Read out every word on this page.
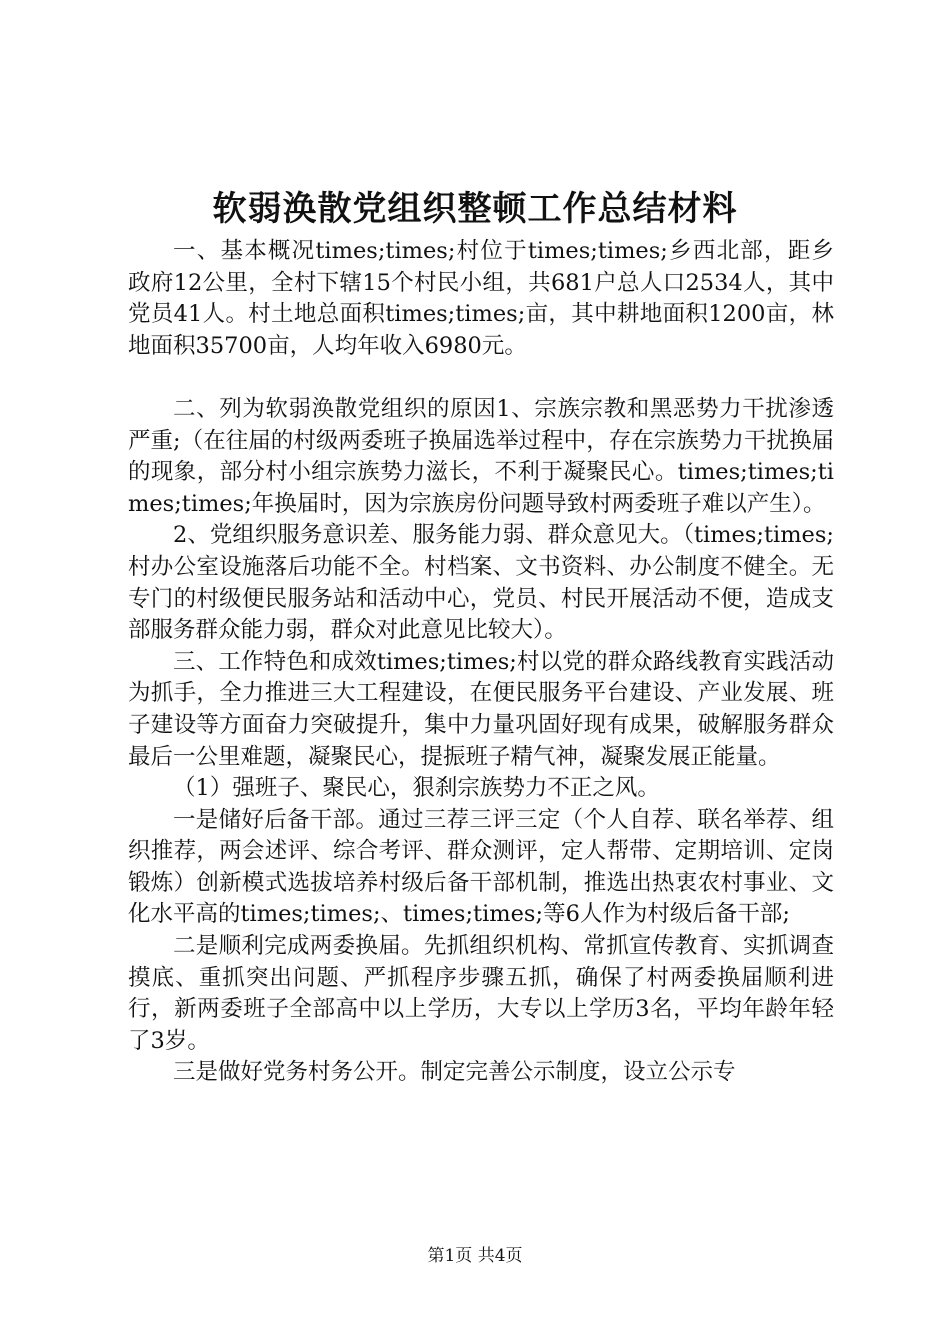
软弱涣散党组织整顿工作总结材料

一、基本概况times;times;村位于times;times;乡西北部，距乡政府12公里，全村下辖15个村民小组，共681户总人口2534人，其中党员41人。村土地总面积times;times;亩，其中耕地面积1200亩，林地面积35700亩，人均年收入6980元。

二、列为软弱涣散党组织的原因1、宗族宗教和黑恶势力干扰渗透严重;（在往届的村级两委班子换届选举过程中，存在宗族势力干扰换届的现象，部分村小组宗族势力滋长，不利于凝聚民心。times;times;times;times;年换届时，因为宗族房份问题导致村两委班子难以产生）。

2、党组织服务意识差、服务能力弱、群众意见大。（times;times;村办公室设施落后功能不全。村档案、文书资料、办公制度不健全。无专门的村级便民服务站和活动中心，党员、村民开展活动不便，造成支部服务群众能力弱，群众对此意见比较大）。

三、工作特色和成效times;times;村以党的群众路线教育实践活动为抓手，全力推进三大工程建设，在便民服务平台建设、产业发展、班子建设等方面奋力突破提升，集中力量巩固好现有成果，破解服务群众最后一公里难题，凝聚民心，提振班子精气神，凝聚发展正能量。

（1）强班子、聚民心，狠刹宗族势力不正之风。

一是储好后备干部。通过三荐三评三定（个人自荐、联名举荐、组织推荐，两会述评、综合考评、群众测评，定人帮带、定期培训、定岗锻炼）创新模式选拔培养村级后备干部机制，推选出热衷农村事业、文化水平高的times;times;、times;times;等6人作为村级后备干部;

二是顺利完成两委换届。先抓组织机构、常抓宣传教育、实抓调查摸底、重抓突出问题、严抓程序步骤五抓，确保了村两委换届顺利进行，新两委班子全部高中以上学历，大专以上学历3名，平均年龄年轻了3岁。

三是做好党务村务公开。制定完善公示制度，设立公示专

第1页 共4页
